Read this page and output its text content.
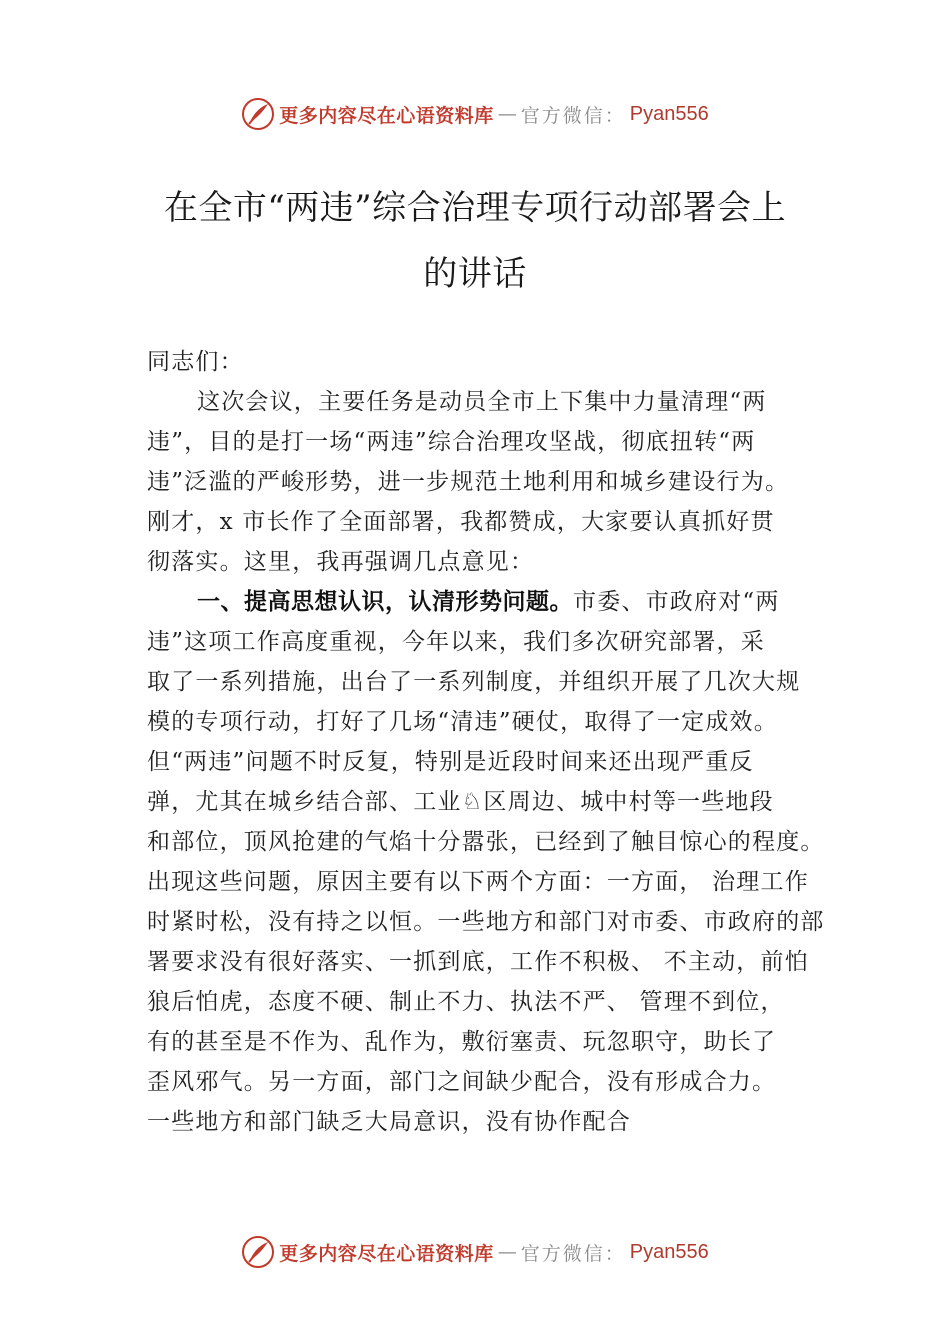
更多内容尽在心语资料库 — 官方微信： Pyan556
在全市“两违”综合治理专项行动部署会上
的讲话
同志们：
这次会议，主要任务是动员全市上下集中力量清理“两
违”，目的是打一场“两违”综合治理攻坚战，彻底扭转“两
违”泛滥的严峻形势，进一步规范土地利用和城乡建设行为。
刚才，x 市长作了全面部署，我都赞成，大家要认真抓好贯
彻落实。这里，我再强调几点意见：
一、提高思想认识，认清形势问题。市委、市政府对“两
违”这项工作高度重视，今年以来，我们多次研究部署，采
取了一系列措施，出台了一系列制度，并组织开展了几次大规
模的专项行动，打好了几场“清违”硬仗，取得了一定成效。
但“两违”问题不时反复，特别是近段时间来还出现严重反
弹，尤其在城乡结合部、工业♘区周边、城中村等一些地段
和部位，顶风抢建的气焰十分嚣张，已经到了触目惊心的程度。
出现这些问题，原因主要有以下两个方面：一方面， 治理工作
时紧时松，没有持之以恒。一些地方和部门对市委、市政府的部
署要求没有很好落实、一抓到底，工作不积极、 不主动，前怕
狼后怕虎，态度不硬、制止不力、执法不严、 管理不到位，
有的甚至是不作为、乱作为，敷衍塞责、玩忽职守，助长了
歪风邪气。另一方面，部门之间缺少配合，没有形成合力。
一些地方和部门缺乏大局意识，没有协作配合
更多内容尽在心语资料库 — 官方微信： Pyan556
